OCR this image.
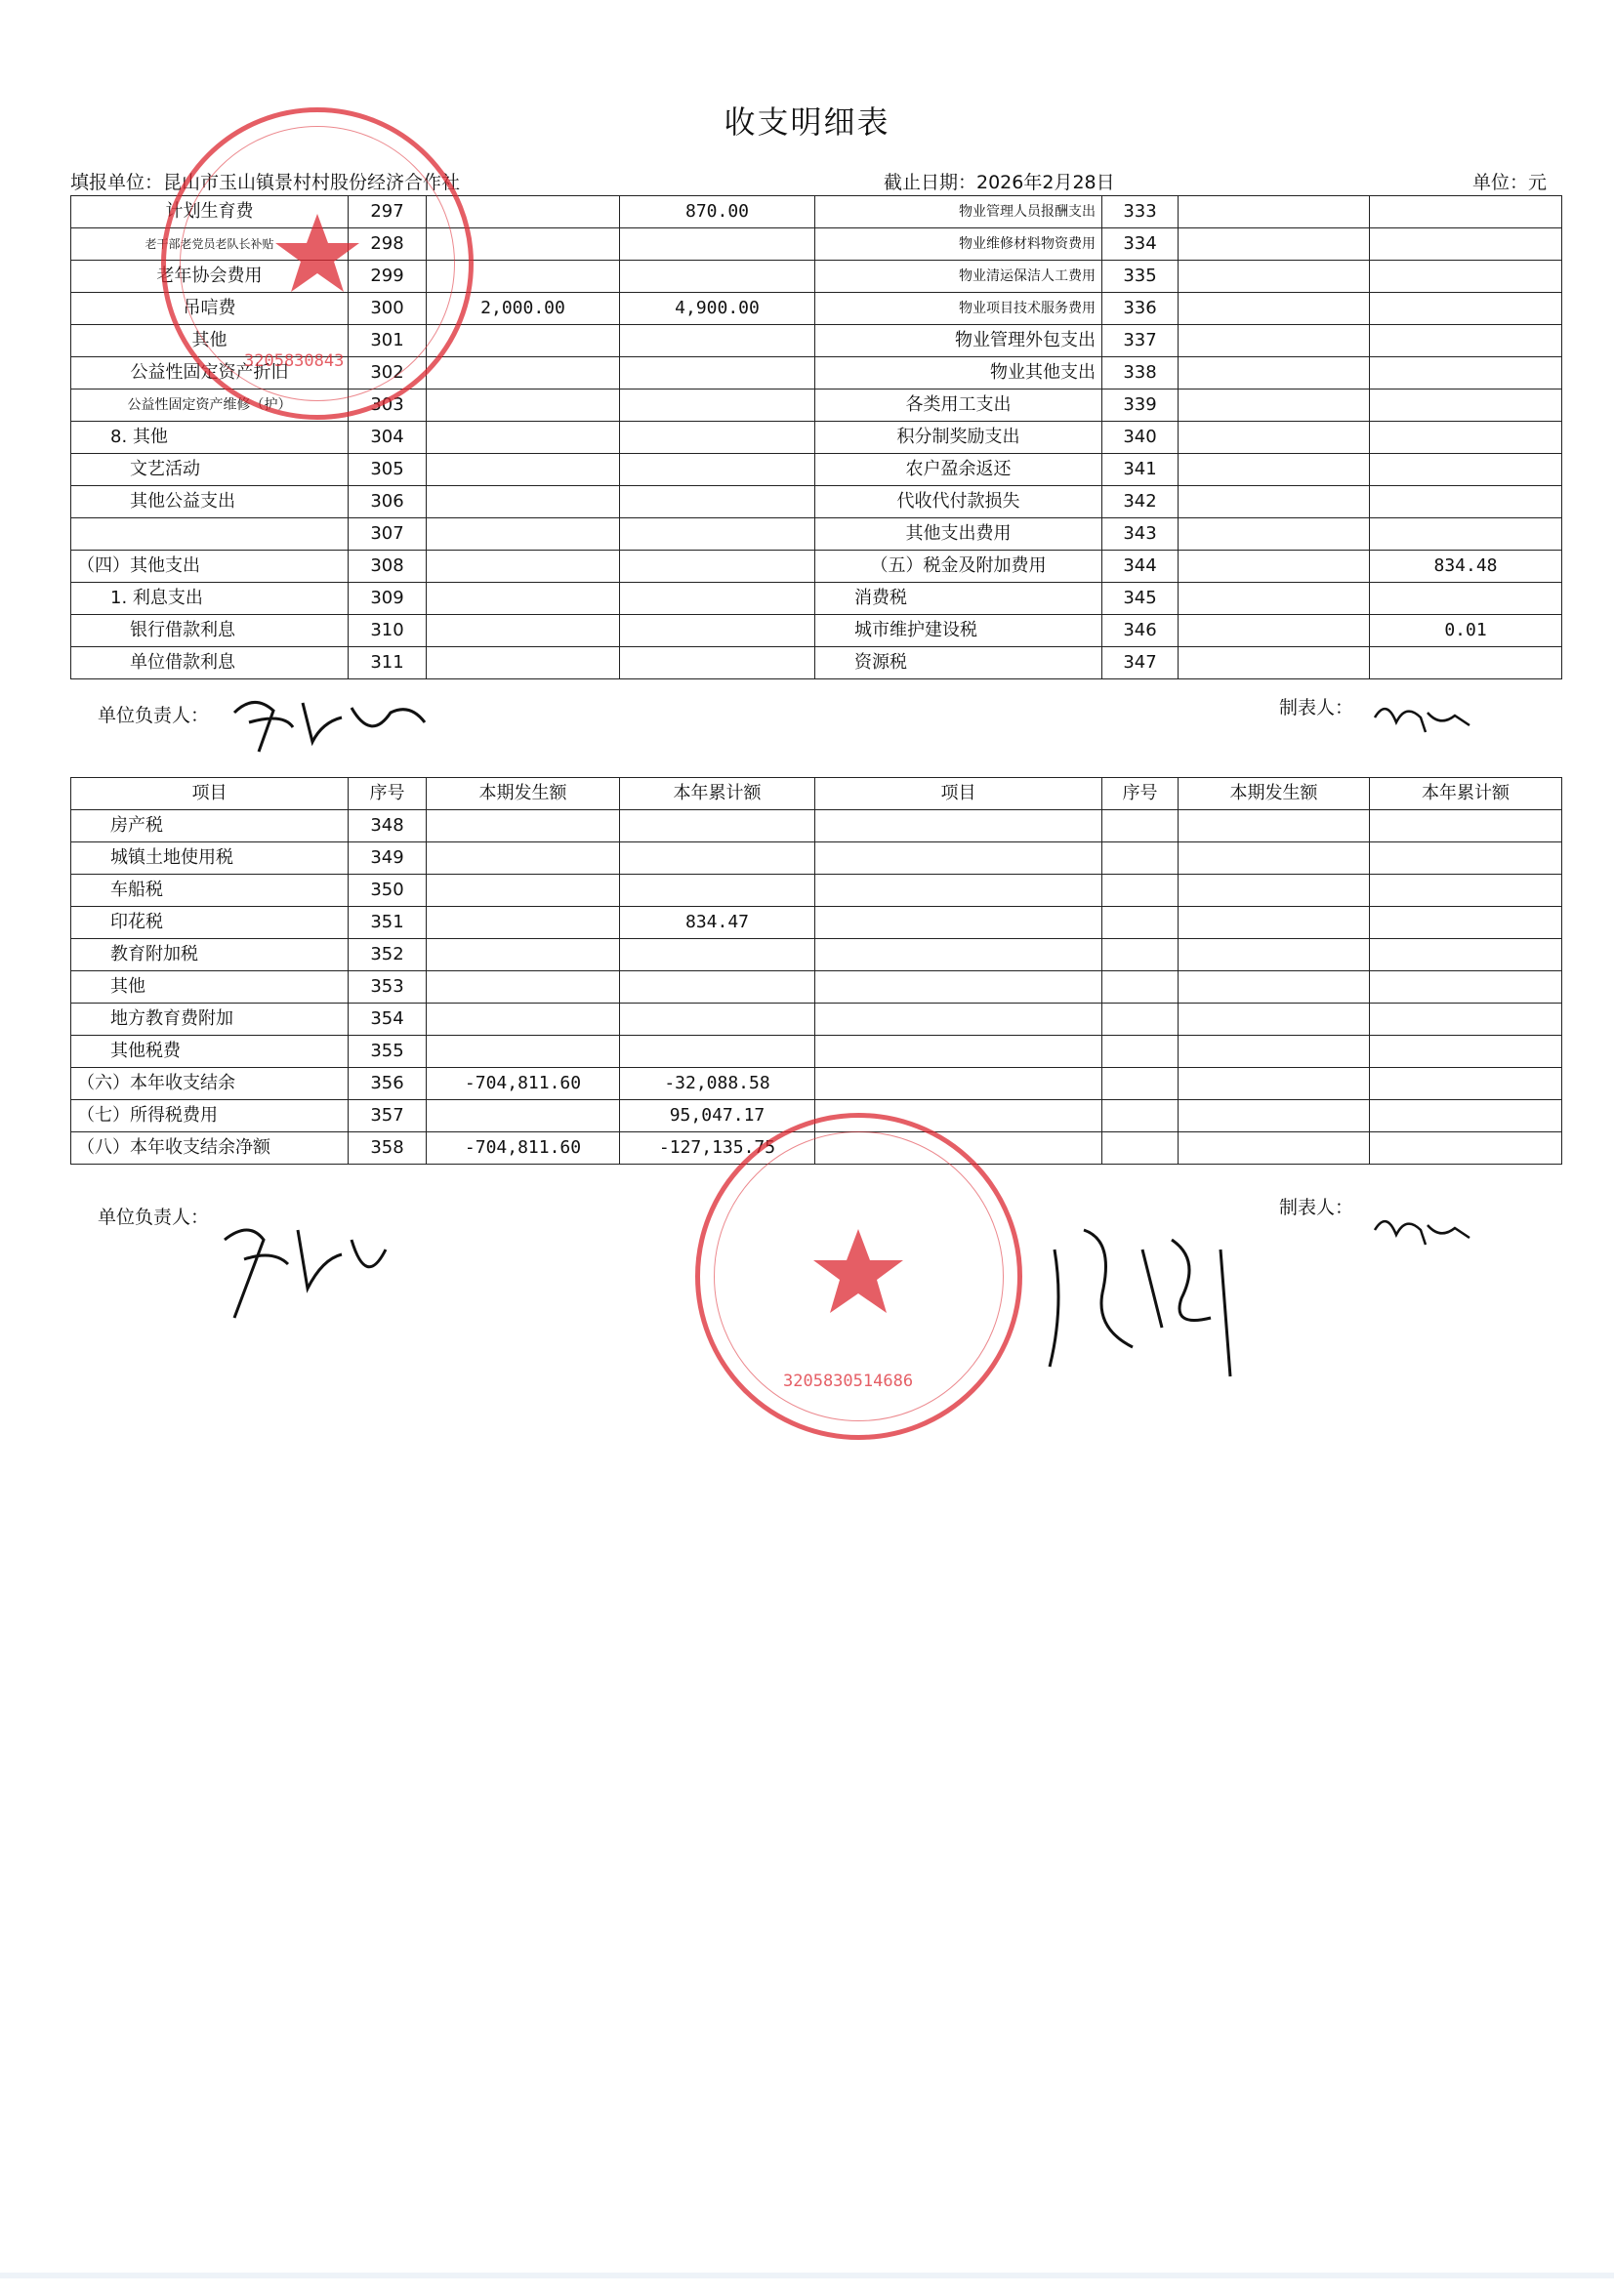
收支明细表
填报单位：昆山市玉山镇景村村股份经济合作社	截止日期：2026年2月28日	单位：元
计划生育费	297		870.00	物业管理人员报酬支出	333		
老干部老党员老队长补贴	298			物业维修材料物资费用	334		
老年协会费用	299			物业清运保洁人工费用	335		
吊唁费	300	2,000.00	4,900.00	物业项目技术服务费用	336		
其他	301			物业管理外包支出	337		
公益性固定资产折旧	302			物业其他支出	338		
公益性固定资产维修（护）	303			各类用工支出	339		
8. 其他	304			积分制奖励支出	340		
文艺活动	305			农户盈余返还	341		
其他公益支出	306			代收代付款损失	342		
	307			其他支出费用	343		
（四）其他支出	308			（五）税金及附加费用	344		834.48
1. 利息支出	309			消费税	345		
银行借款利息	310			城市维护建设税	346		0.01
单位借款利息	311			资源税	347		
单位负责人：	制表人：
项目	序号	本期发生额	本年累计额	项目	序号	本期发生额	本年累计额
房产税	348						
城镇土地使用税	349						
车船税	350						
印花税	351		834.47				
教育附加税	352						
其他	353						
地方教育费附加	354						
其他税费	355						
（六）本年收支结余	356	-704,811.60	-32,088.58				
（七）所得税费用	357		95,047.17				
（八）本年收支结余净额	358	-704,811.60	-127,135.75				
单位负责人：	制表人：
3205830843
3205830514686
